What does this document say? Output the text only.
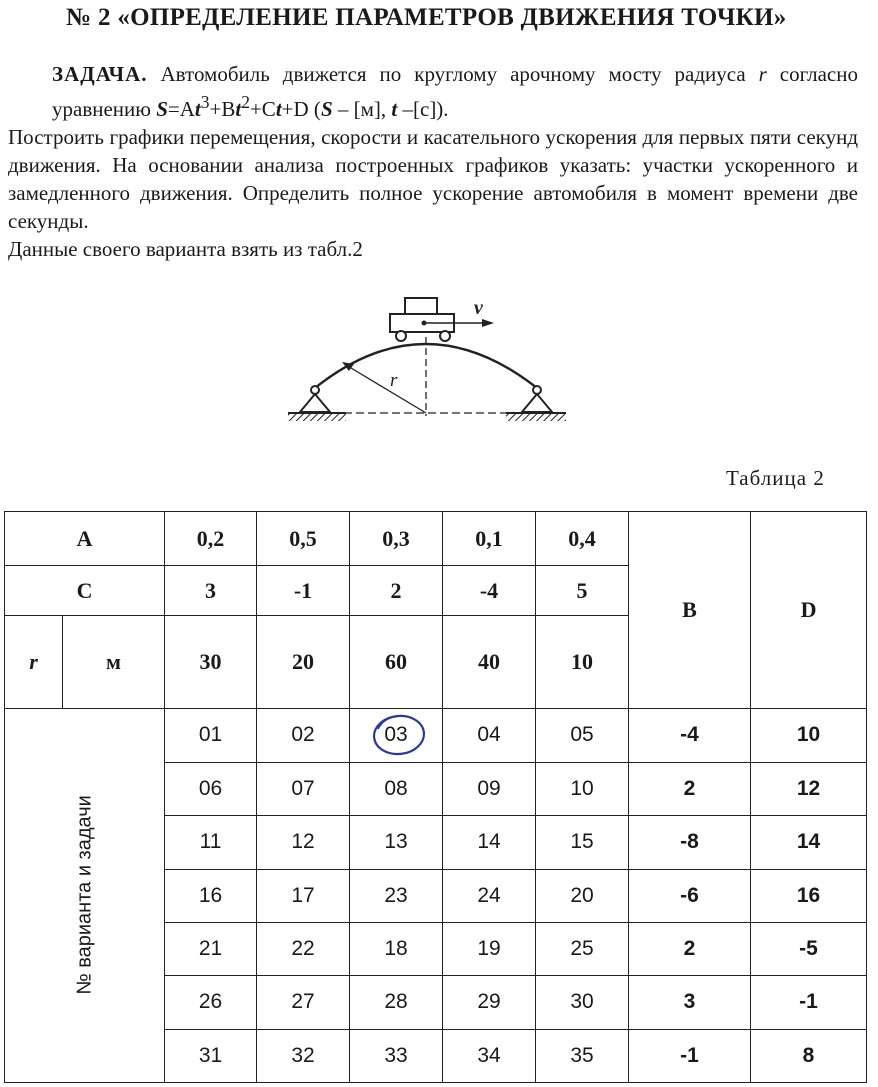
№ 2 «ОПРЕДЕЛЕНИЕ ПАРАМЕТРОВ ДВИЖЕНИЯ ТОЧКИ»

ЗАДАЧА. Автомобиль движется по круглому арочному мосту радиуса r согласно уравнению $S=At^3+Bt^2+Ct+D$ (S – [м], t –[с]).

Построить графики перемещения, скорости и касательного ускорения для первых пяти секунд движения. На основании анализа построенных графиков указать: участки ускоренного и замедленного движения. Определить полное ускорение автомобиля в момент времени две секунды.

Данные своего варианта взять из табл.2

r
v
Таблица 2
A		0,2	0,5	0,3	0,1	0,4	B	D
C		3	-1	2	-4	5		
r	м	30	20	60	40	10		

№ варианта и задачи		01	02	03	04	05	-4	10
		06	07	08	09	10	2	12
		11	12	13	14	15	-8	14
		16	17	23	24	20	-6	16
		21	22	18	19	25	2	-5
		26	27	28	29	30	3	-1
		31	32	33	34	35	-1	8
